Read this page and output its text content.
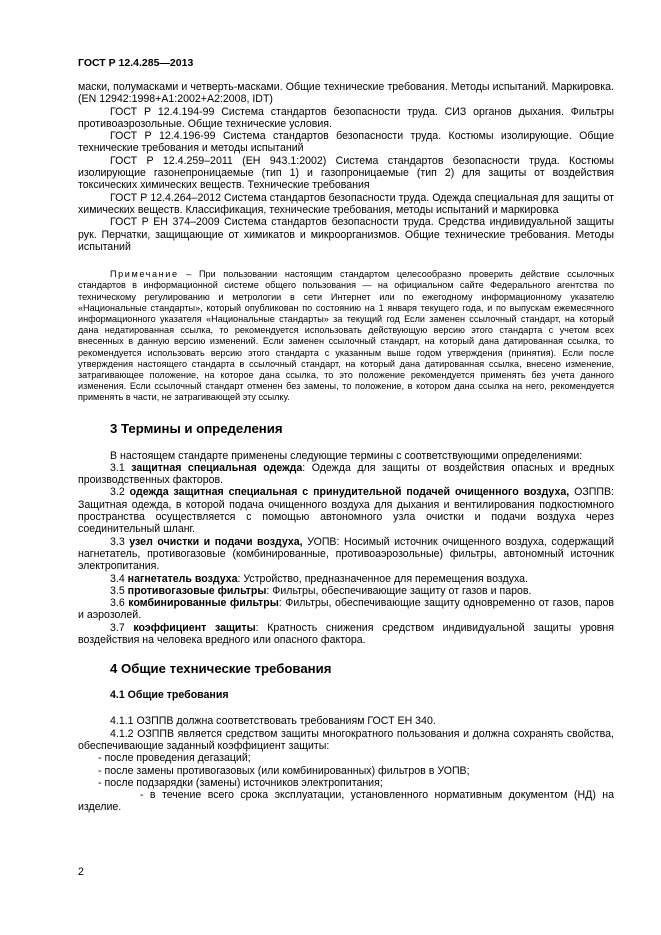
ГОСТ Р 12.4.285—2013

маски, полумасками и четверть-масками. Общие технические требования. Методы испытаний. Маркировка. (EN 12942:1998+A1:2002+A2:2008, IDT)

ГОСТ Р 12.4.194-99 Система стандартов безопасности труда. СИЗ органов дыхания. Фильтры противоаэрозольные. Общие технические условия.

ГОСТ Р 12.4.196-99 Система стандартов безопасности труда. Костюмы изолирующие. Общие технические требования и методы испытаний

ГОСТ Р 12.4.259–2011 (ЕН 943.1:2002) Система стандартов безопасности труда. Костюмы изолирующие газонепроницаемые (тип 1) и газопроницаемые (тип 2) для защиты от воздействия токсических химических веществ. Технические требования

ГОСТ Р 12.4.264–2012 Система стандартов безопасности труда. Одежда специальная для защиты от химических веществ. Классификация, технические требования, методы испытаний и маркировка

ГОСТ Р ЕН 374–2009 Система стандартов безопасности труда. Средства индивидуальной защиты рук. Перчатки, защищающие от химикатов и микроорганизмов. Общие технические требования. Методы испытаний

Примечание – При пользовании настоящим стандартом целесообразно проверить действие ссылочных стандартов в информационной системе общего пользования — на официальном сайте Федерального агентства по техническому регулированию и метрологии в сети Интернет или по ежегодному информационному указателю «Национальные стандарты», который опубликован по состоянию на 1 января текущего года, и по выпускам ежемесячного информационного указателя «Национальные стандарты» за текущий год Если заменен ссылочный стандарт, на который дана недатированная ссылка, то рекомендуется использовать действующую версию этого стандарта с учетом всех внесенных в данную версию изменений. Если заменен ссылочный стандарт, на который дана датированная ссылка, то рекомендуется использовать версию этого стандарта с указанным выше годом утверждения (принятия). Если после утверждения настоящего стандарта в ссылочный стандарт, на который дана датированная ссылка, внесено изменение, затрагивающее положение, на которое дана ссылка, то это положение рекомендуется применять без учета данного изменения. Если ссылочный стандарт отменен без замены, то положение, в котором дана ссылка на него, рекомендуется применять в части, не затрагивающей эту ссылку.

3 Термины и определения

В настоящем стандарте применены следующие термины с соответствующими определениями:

3.1 защитная специальная одежда: Одежда для защиты от воздействия опасных и вредных производственных факторов.

3.2 одежда защитная специальная с принудительной подачей очищенного воздуха, ОЗППВ: Защитная одежда, в которой подача очищенного воздуха для дыхания и вентилирования подкостюмного пространства осуществляется с помощью автономного узла очистки и подачи воздуха через соединительный шланг.

3.3 узел очистки и подачи воздуха, УОПВ: Носимый источник очищенного воздуха, содержащий нагнетатель, противогазовые (комбинированные, противоаэрозольные) фильтры, автономный источник электропитания.

3.4 нагнетатель воздуха: Устройство, предназначенное для перемещения воздуха.

3.5 противогазовые фильтры: Фильтры, обеспечивающие защиту от газов и паров.

3.6 комбинированные фильтры: Фильтры, обеспечивающие защиту одновременно от газов, паров и аэрозолей.

3.7 коэффициент защиты: Кратность снижения средством индивидуальной защиты уровня воздействия на человека вредного или опасного фактора.

4 Общие технические требования
4.1 Общие требования

4.1.1 ОЗППВ должна соответствовать требованиям ГОСТ ЕН 340.

4.1.2 ОЗППВ является средством защиты многократного пользования и должна сохранять свойства, обеспечивающие заданный коэффициент защиты:

- после проведения дегазаций;

- после замены противогазовых (или комбинированных) фильтров в УОПВ;

- после подзарядки (замены) источников электропитания;

- в течение всего срока эксплуатации, установленного нормативным документом (НД) на изделие.

2
